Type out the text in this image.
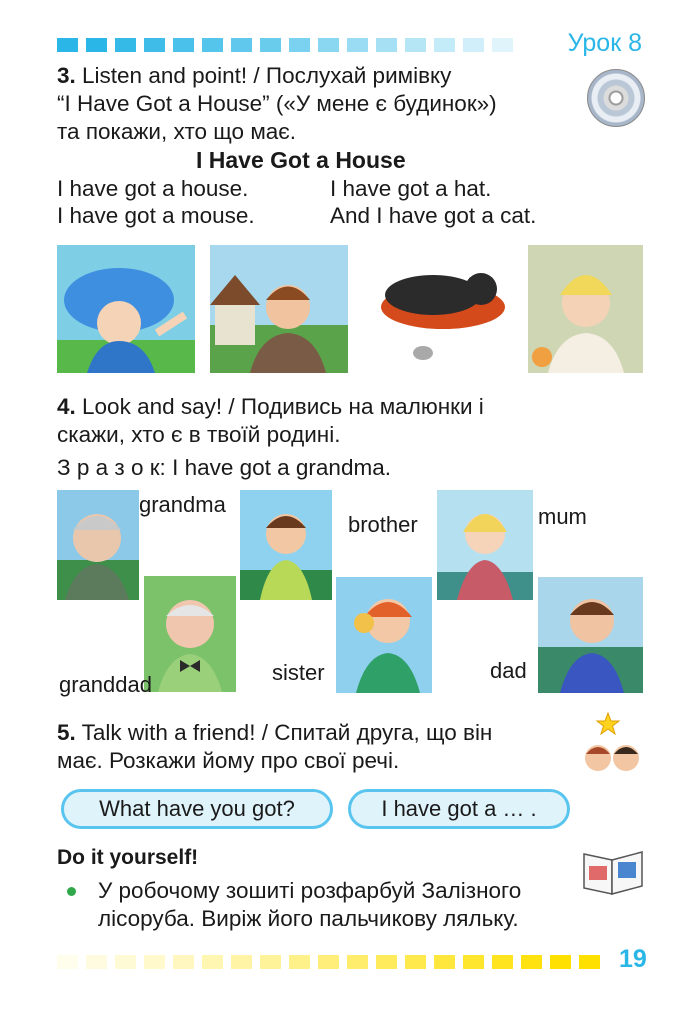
Урок 8
3. Listen and point! / Послухай римівку
“I Have Got a House” («У мене є будинок»)
та покажи, хто що має.
I Have Got a House
I have got a house.	I have got a hat.
I have got a mouse.	And I have got a cat.
4. Look and say! / Подивись на малюнки і
скажи, хто є в твоїй родині.
З р а з о к: I have got a grandma.
grandma
brother	mum
granddad	sister	dad
5. Talk with a friend! / Спитай друга, що він
має. Розкажи йому про свої речі.
What have you got?	I have got a … .
Do it yourself!
У робочому зошиті розфарбуй Залізного
лісоруба. Виріж його пальчикову ляльку.
19
